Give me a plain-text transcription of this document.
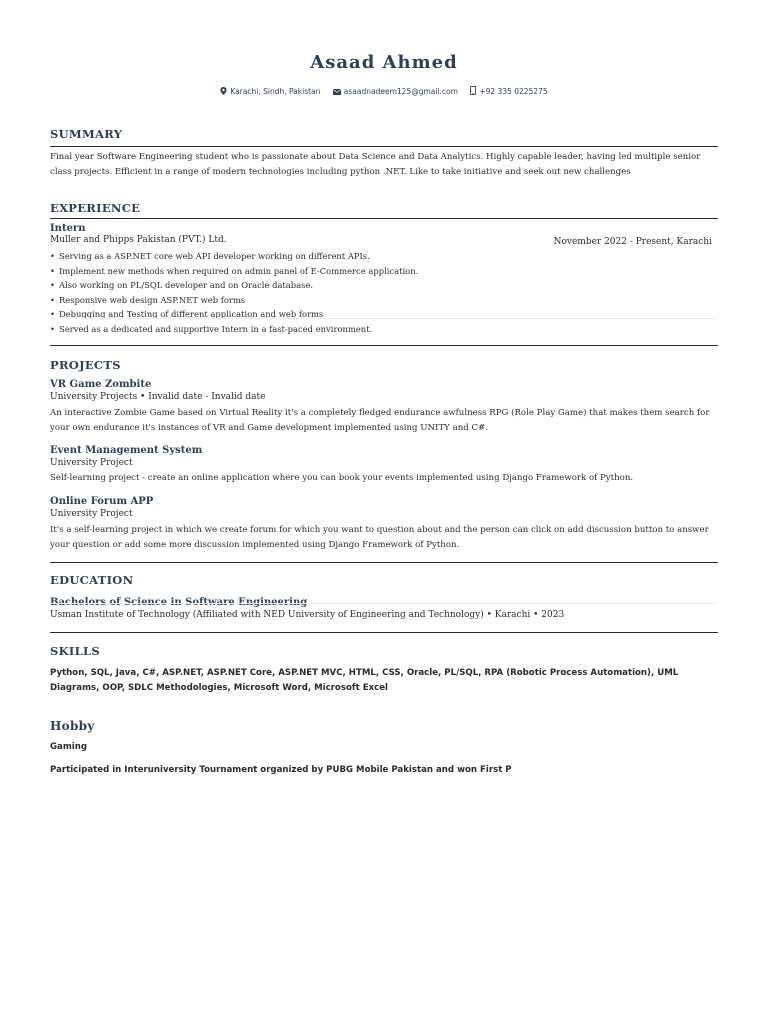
Asaad Ahmed
Karachi, Sindh, Pakistan	asaadnadeem125@gmail.com	+92 335 0225275
SUMMARY
Final year Software Engineering student who is passionate about Data Science and Data Analytics. Highly capable leader, having led multiple senior class projects. Efficient in a range of modern technologies including python .NET. Like to take initiative and seek out new challenges
EXPERIENCE
Intern
Muller and Phipps Pakistan (PVT.) Ltd.	November 2022 - Present, Karachi
• Serving as a ASP.NET core web API developer working on different APIs.
• Implement new methods when required on admin panel of E-Commerce application.
• Also working on PL/SQL developer and on Oracle database.
• Responsive web design ASP.NET web forms
• Debugging and Testing of different application and web forms
• Served as a dedicated and supportive Intern in a fast-paced environment.
PROJECTS
VR Game Zombite
University Projects • Invalid date - Invalid date
An interactive Zombie Game based on Virtual Reality it's a completely fledged endurance awfulness RPG (Role Play Game) that makes them search for your own endurance it's instances of VR and Game development implemented using UNITY and C#.
Event Management System
University Project
Self-learning project - create an online application where you can book your events implemented using Django Framework of Python.
Online Forum APP
University Project
It's a self-learning project in which we create forum for which you want to question about and the person can click on add discussion button to answer your question or add some more discussion implemented using Django Framework of Python.
EDUCATION
Bachelors of Science in Software Engineering
Usman Institute of Technology (Affiliated with NED University of Engineering and Technology) • Karachi • 2023
SKILLS
Python, SQL, Java, C#, ASP.NET, ASP.NET Core, ASP.NET MVC, HTML, CSS, Oracle, PL/SQL, RPA (Robotic Process Automation), UML Diagrams, OOP, SDLC Methodologies, Microsoft Word, Microsoft Excel
Hobby
Gaming
Participated in Interuniversity Tournament organized by PUBG Mobile Pakistan and won First P
